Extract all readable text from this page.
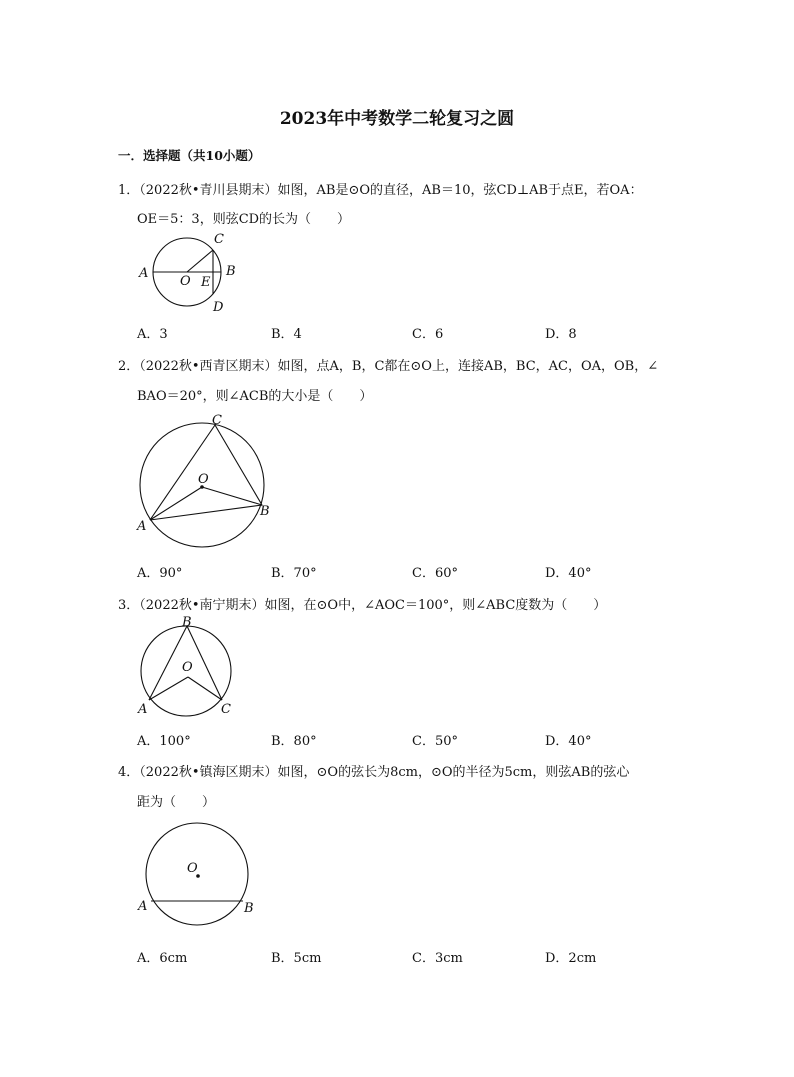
2023年中考数学二轮复习之圆
一．选择题（共10小题）
1．（2022秋•青川县期末）如图，AB是⊙O的直径，AB＝10，弦CD⊥AB于点E，若OA：
OE＝5：3，则弦CD的长为（　　）
A	B
C
D
E
O
A．3	B．4	C．6	D．8
2．（2022秋•西青区期末）如图，点A，B，C都在⊙O上，连接AB，BC，AC，OA，OB，∠
BAO＝20°，则∠ACB的大小是（　　）
A
B
C
O
A．90°	B．70°	C．60°	D．40°
3．（2022秋•南宁期末）如图，在⊙O中，∠AOC＝100°，则∠ABC度数为（　　）
A
B
C
O
A．100°	B．80°	C．50°	D．40°
4．（2022秋•镇海区期末）如图，⊙O的弦长为8cm，⊙O的半径为5cm，则弦AB的弦心
距为（　　）
A	B
O
A．6cm	B．5cm	C．3cm	D．2cm
